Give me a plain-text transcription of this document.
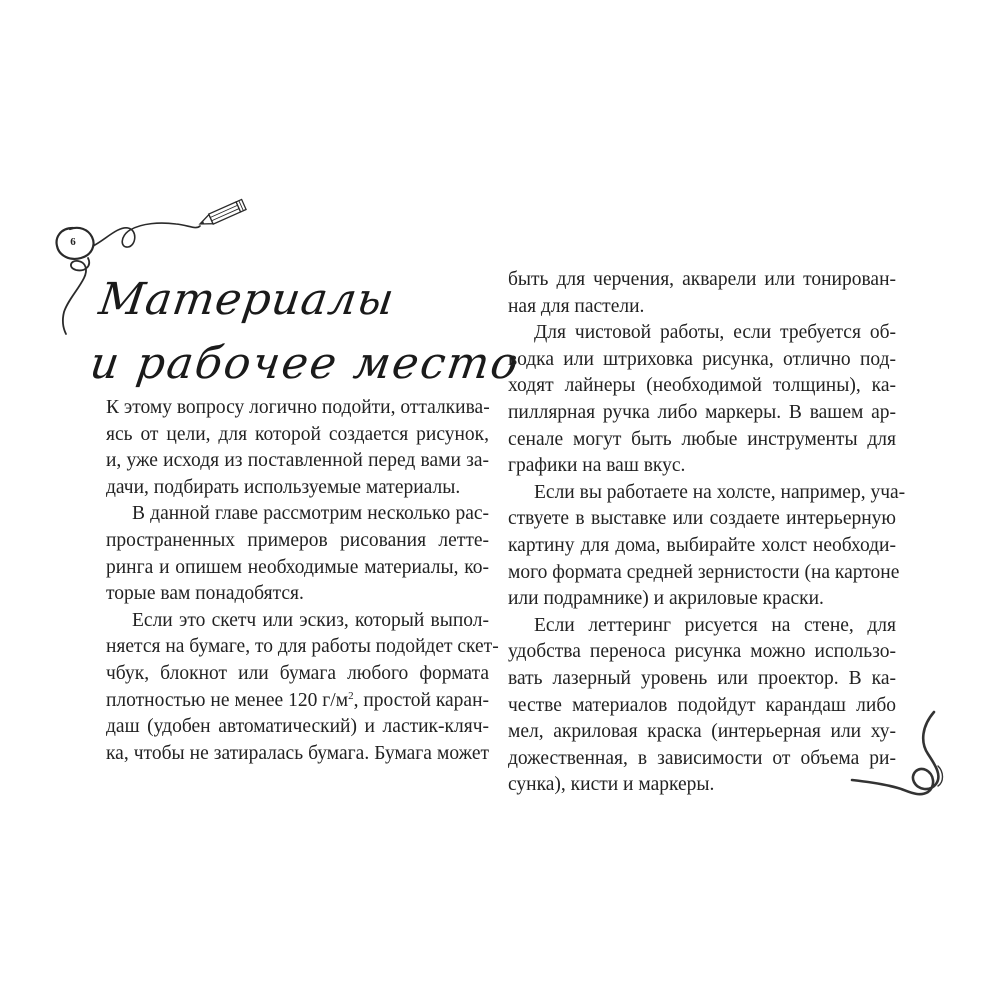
6
Материалы
и рабочее место
К этому вопросу логично подойти, отталкива-
ясь от цели, для которой создается рисунок,
и, уже исходя из поставленной перед вами за-
дачи, подбирать используемые материалы.
В данной главе рассмотрим несколько рас-
пространенных примеров рисования летте-
ринга и опишем необходимые материалы, ко-
торые вам понадобятся.
Если это скетч или эскиз, который выпол-
няется на бумаге, то для работы подойдет скет-
чбук, блокнот или бумага любого формата
плотностью не менее 120 $г/м^2$, простой каран-
даш (удобен автоматический) и ластик-кляч-
ка, чтобы не затиралась бумага. Бумага может
быть для черчения, акварели или тонирован-
ная для пастели.
Для чистовой работы, если требуется об-
водка или штриховка рисунка, отлично под-
ходят лайнеры (необходимой толщины), ка-
пиллярная ручка либо маркеры. В вашем ар-
сенале могут быть любые инструменты для
графики на ваш вкус.
Если вы работаете на холсте, например, уча-
ствуете в выставке или создаете интерьерную
картину для дома, выбирайте холст необходи-
мого формата средней зернистости (на картоне
или подрамнике) и акриловые краски.
Если леттеринг рисуется на стене, для
удобства переноса рисунка можно использо-
вать лазерный уровень или проектор. В ка-
честве материалов подойдут карандаш либо
мел, акриловая краска (интерьерная или ху-
дожественная, в зависимости от объема ри-
сунка), кисти и маркеры.
